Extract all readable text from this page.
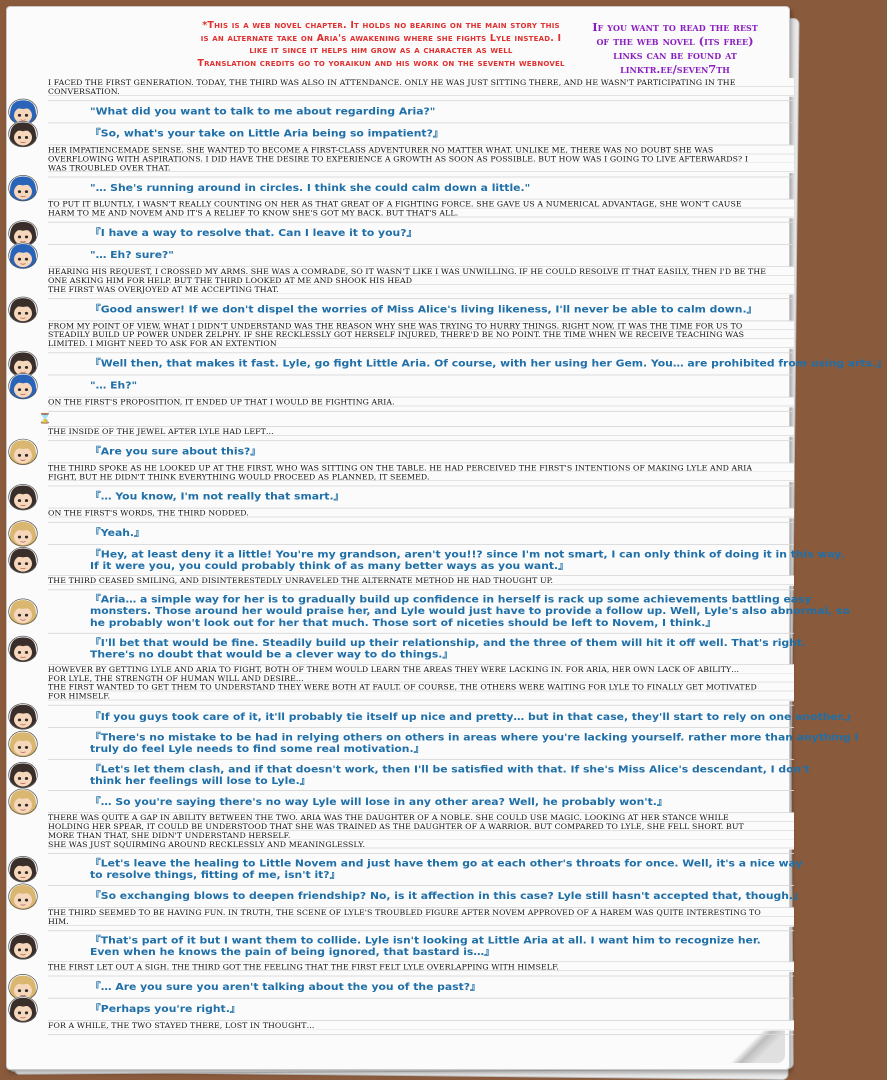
*This is a web novel chapter. It holds no bearing on the main story this
is an alternate take on Aria's awakening where she fights Lyle instead. I
like it since it helps him grow as a character as well
Translation credits go to yoraikun and his work on the seventh webnovel
If you want to read the rest
of the web novel (its free)
links can be found at
linktr.ee/seven7th
I FACED THE FIRST GENERATION. TODAY, THE THIRD WAS ALSO IN ATTENDANCE. ONLY HE WAS JUST SITTING THERE, AND HE WASN'T PARTICIPATING IN THE
CONVERSATION.
"What did you want to talk to me about regarding Aria?"
『So, what's your take on Little Aria being so impatient?』
HER IMPATIENCEMADE SENSE. SHE WANTED TO BECOME A FIRST-CLASS ADVENTURER NO MATTER WHAT. UNLIKE ME, THERE WAS NO DOUBT SHE WAS
OVERFLOWING WITH ASPIRATIONS. I DID HAVE THE DESIRE TO EXPERIENCE A GROWTH AS SOON AS POSSIBLE. BUT HOW WAS I GOING TO LIVE AFTERWARDS? I
WAS TROUBLED OVER THAT.
"… She's running around in circles. I think she could calm down a little."
TO PUT IT BLUNTLY, I WASN'T REALLY COUNTING ON HER AS THAT GREAT OF A FIGHTING FORCE. SHE GAVE US A NUMERICAL ADVANTAGE, SHE WON'T CAUSE
HARM TO ME AND NOVEM AND IT'S A RELIEF TO KNOW SHE'S GOT MY BACK. BUT THAT'S ALL.
『I have a way to resolve that. Can I leave it to you?』
"… Eh? sure?"
HEARING HIS REQUEST, I CROSSED MY ARMS. SHE WAS A COMRADE, SO IT WASN'T LIKE I WAS UNWILLING. IF HE COULD RESOLVE IT THAT EASILY, THEN I'D BE THE
ONE ASKING HIM FOR HELP. BUT THE THIRD LOOKED AT ME AND SHOOK HIS HEAD
THE FIRST WAS OVERJOYED AT ME ACCEPTING THAT.
『Good answer! If we don't dispel the worries of Miss Alice's living likeness, I'll never be able to calm down.』
FROM MY POINT OF VIEW, WHAT I DIDN'T UNDERSTAND WAS THE REASON WHY SHE WAS TRYING TO HURRY THINGS. RIGHT NOW, IT WAS THE TIME FOR US TO
STEADILY BUILD UP POWER UNDER ZELPHY. IF SHE RECKLESSLY GOT HERSELF INJURED, THERE'D BE NO POINT. THE TIME WHEN WE RECEIVE TEACHING WAS
LIMITED. I MIGHT NEED TO ASK FOR AN EXTENTION
『Well then, that makes it fast. Lyle, go fight Little Aria. Of course, with her using her Gem. You… are prohibited from using arts.』
"… Eh?"
ON THE FIRST'S PROPOSITION, IT ENDED UP THAT I WOULD BE FIGHTING ARIA.
⌛
THE INSIDE OF THE JEWEL AFTER LYLE HAD LEFT…
『Are you sure about this?』
THE THIRD SPOKE AS HE LOOKED UP AT THE FIRST, WHO WAS SITTING ON THE TABLE. HE HAD PERCEIVED THE FIRST'S INTENTIONS OF MAKING LYLE AND ARIA
FIGHT, BUT HE DIDN'T THINK EVERYTHING WOULD PROCEED AS PLANNED, IT SEEMED.
『… You know, I'm not really that smart.』
ON THE FIRST'S WORDS, THE THIRD NODDED.
『Yeah.』
『Hey, at least deny it a little! You're my grandson, aren't you!!? since I'm not smart, I can only think of doing it in this way.
If it were you, you could probably think of as many better ways as you want.』
THE THIRD CEASED SMILING, AND DISINTERESTEDLY UNRAVELED THE ALTERNATE METHOD HE HAD THOUGHT UP.
『Aria… a simple way for her is to gradually build up confidence in herself is rack up some achievements battling easy
monsters. Those around her would praise her, and Lyle would just have to provide a follow up. Well, Lyle's also abnormal, so
he probably won't look out for her that much. Those sort of niceties should be left to Novem, I think.』
『I'll bet that would be fine. Steadily build up their relationship, and the three of them will hit it off well. That's right.
There's no doubt that would be a clever way to do things.』
HOWEVER BY GETTING LYLE AND ARIA TO FIGHT, BOTH OF THEM WOULD LEARN THE AREAS THEY WERE LACKING IN. FOR ARIA, HER OWN LACK OF ABILITY…
FOR LYLE, THE STRENGTH OF HUMAN WILL AND DESIRE…
THE FIRST WANTED TO GET THEM TO UNDERSTAND THEY WERE BOTH AT FAULT. OF COURSE, THE OTHERS WERE WAITING FOR LYLE TO FINALLY GET MOTIVATED
FOR HIMSELF.
『If you guys took care of it, it'll probably tie itself up nice and pretty… but in that case, they'll start to rely on one another.』
『There's no mistake to be had in relying others on others in areas where you're lacking yourself. rather more than anything I
truly do feel Lyle needs to find some real motivation.』
『Let's let them clash, and if that doesn't work, then I'll be satisfied with that. If she's Miss Alice's descendant, I don't
think her feelings will lose to Lyle.』
『… So you're saying there's no way Lyle will lose in any other area? Well, he probably won't.』
THERE WAS QUITE A GAP IN ABILITY BETWEEN THE TWO. ARIA WAS THE DAUGHTER OF A NOBLE. SHE COULD USE MAGIC. LOOKING AT HER STANCE WHILE
HOLDING HER SPEAR, IT COULD BE UNDERSTOOD THAT SHE WAS TRAINED AS THE DAUGHTER OF A WARRIOR. BUT COMPARED TO LYLE, SHE FELL SHORT. BUT
MORE THAN THAT, SHE DIDN'T UNDERSTAND HERSELF.
SHE WAS JUST SQUIRMING AROUND RECKLESSLY AND MEANINGLESSLY.
『Let's leave the healing to Little Novem and just have them go at each other's throats for once. Well, it's a nice way
to resolve things, fitting of me, isn't it?』
『So exchanging blows to deepen friendship? No, is it affection in this case? Lyle still hasn't accepted that, though.』
THE THIRD SEEMED TO BE HAVING FUN. IN TRUTH, THE SCENE OF LYLE'S TROUBLED FIGURE AFTER NOVEM APPROVED OF A HAREM WAS QUITE INTERESTING TO
HIM.
『That's part of it but I want them to collide. Lyle isn't looking at Little Aria at all. I want him to recognize her.
Even when he knows the pain of being ignored, that bastard is…』
THE FIRST LET OUT A SIGH. THE THIRD GOT THE FEELING THAT THE FIRST FELT LYLE OVERLAPPING WITH HIMSELF.
『… Are you sure you aren't talking about the you of the past?』
『Perhaps you're right.』
FOR A WHILE, THE TWO STAYED THERE, LOST IN THOUGHT…
